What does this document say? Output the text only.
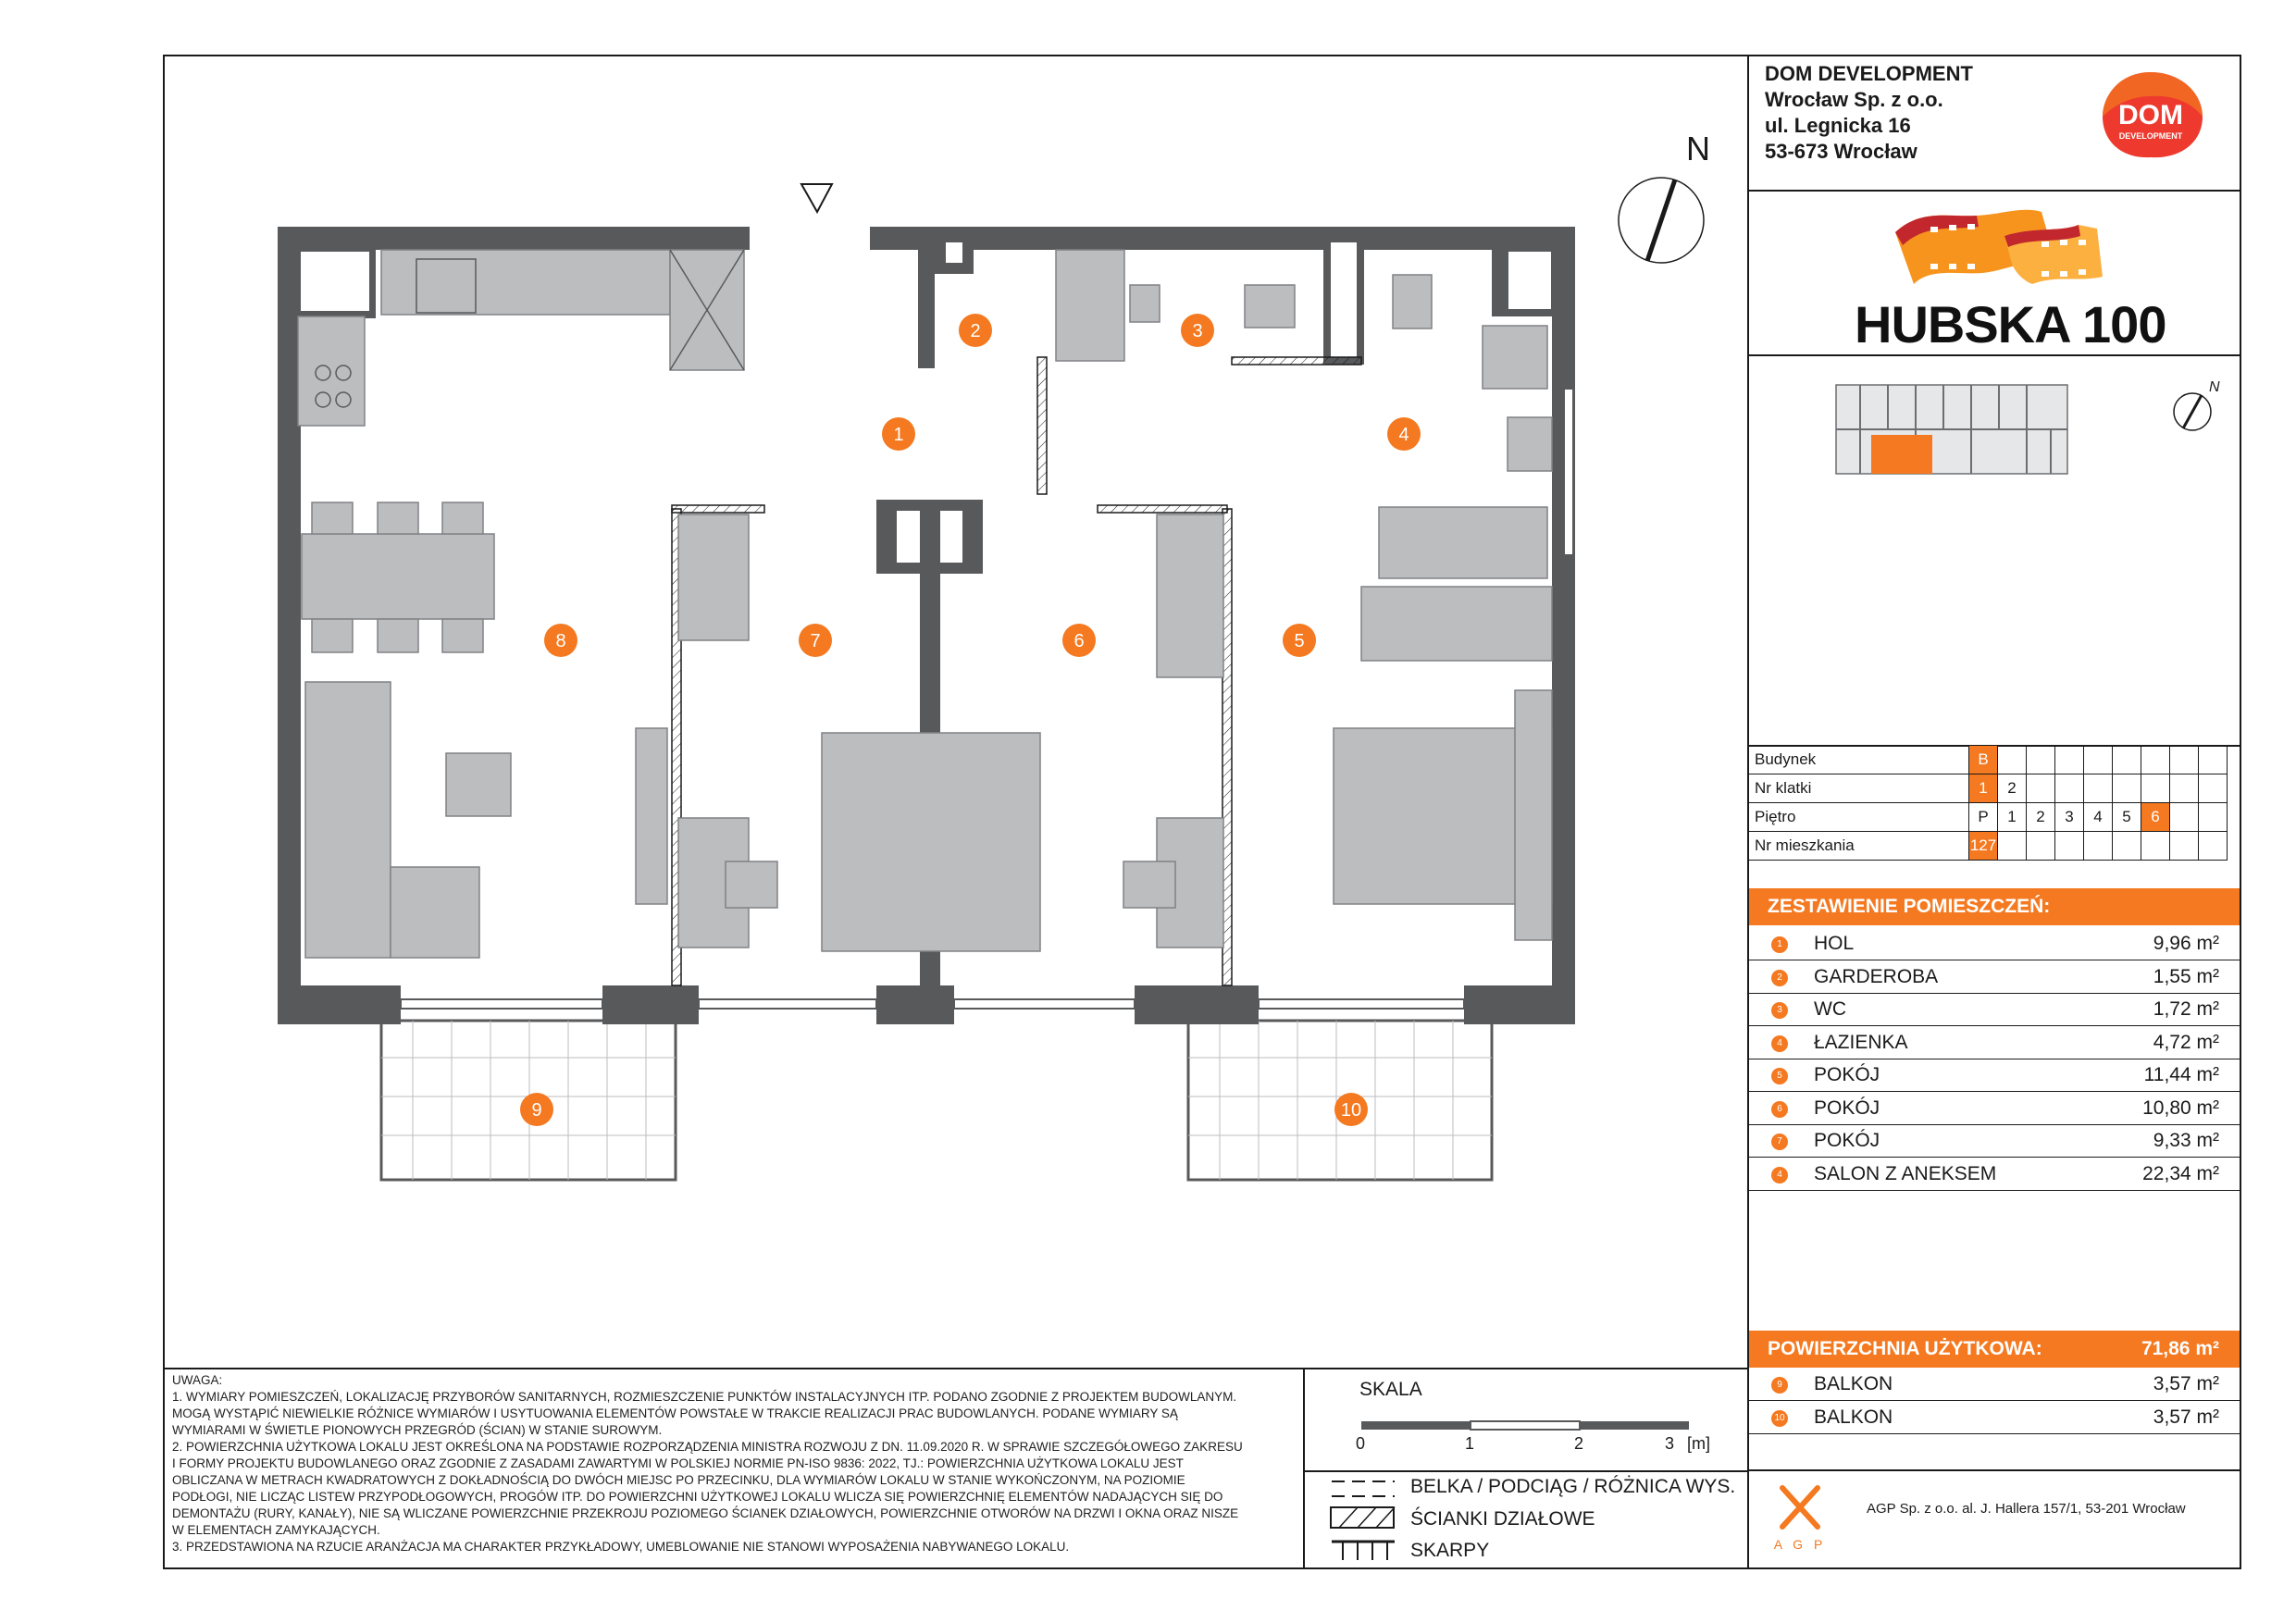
DOM DEVELOPMENT
Wrocław Sp. z o.o.
ul. Legnicka 16
53-673 Wrocław
DOM
DEVELOPMENT
HUBSKA 100
N
Budynek	B								
Nr klatki	1	2							
Piętro	P	1	2	3	4	5	6		
Nr mieszkania	127								
ZESTAWIENIE POMIESZCZEŃ:
1 HOL	9,96 m²
2 GARDEROBA	1,55 m²
3 WC	1,72 m²
4 ŁAZIENKA	4,72 m²
5 POKÓJ	11,44 m²
6 POKÓJ	10,80 m²
7 POKÓJ	9,33 m²
4 SALON Z ANEKSEM	22,34 m²
POWIERZCHNIA UŻYTKOWA:	71,86 m²
9 BALKON	3,57 m²
10 BALKON	3,57 m²
UWAGA:
1. WYMIARY POMIESZCZEŃ, LOKALIZACJĘ PRZYBORÓW SANITARNYCH, ROZMIESZCZENIE PUNKTÓW INSTALACYJNYCH ITP. PODANO ZGODNIE Z PROJEKTEM BUDOWLANYM.
MOGĄ WYSTĄPIĆ NIEWIELKIE RÓŻNICE WYMIARÓW I USYTUOWANIA ELEMENTÓW POWSTAŁE W TRAKCIE REALIZACJI PRAC BUDOWLANYCH. PODANE WYMIARY SĄ
WYMIARAMI W ŚWIETLE PIONOWYCH PRZEGRÓD (ŚCIAN) W STANIE SUROWYM.
2. POWIERZCHNIA UŻYTKOWA LOKALU JEST OKREŚLONA NA PODSTAWIE ROZPORZĄDZENIA MINISTRA ROZWOJU Z DN. 11.09.2020 R. W SPRAWIE SZCZEGÓŁOWEGO ZAKRESU
I FORMY PROJEKTU BUDOWLANEGO ORAZ ZGODNIE Z ZASADAMI ZAWARTYMI W POLSKIEJ NORMIE PN-ISO 9836: 2022, TJ.: POWIERZCHNIA UŻYTKOWA LOKALU JEST
OBLICZANA W METRACH KWADRATOWYCH Z DOKŁADNOŚCIĄ DO DWÓCH MIEJSC PO PRZECINKU, DLA WYMIARÓW LOKALU W STANIE WYKOŃCZONYM, NA POZIOMIE
PODŁOGI, NIE LICZĄC LISTEW PRZYPODŁOGOWYCH, PROGÓW ITP. DO POWIERZCHNI UŻYTKOWEJ LOKALU WLICZA SIĘ POWIERZCHNIĘ ELEMENTÓW NADAJĄCYCH SIĘ DO
DEMONTAŻU (RURY, KANAŁY), NIE SĄ WLICZANE POWIERZCHNIE PRZEKROJU POZIOMEGO ŚCIANEK DZIAŁOWYCH, POWIERZCHNIE OTWORÓW NA DRZWI I OKNA ORAZ NISZE
W ELEMENTACH ZAMYKAJĄCYCH.
3. PRZEDSTAWIONA NA RZUCIE ARANŻACJA MA CHARAKTER PRZYKŁADOWY, UMEBLOWANIE NIE STANOWI WYPOSAŻENIA NABYWANEGO LOKALU.
SKALA
0	1	2	3 [m]
BELKA / PODCIĄG / RÓŻNICA WYS.
ŚCIANKI DZIAŁOWE
SKARPY	A G P
AGP Sp. z o.o. al. J. Hallera 157/1, 53-201 Wrocław
1
2	3
4
5
6
7
8
9	10
N
